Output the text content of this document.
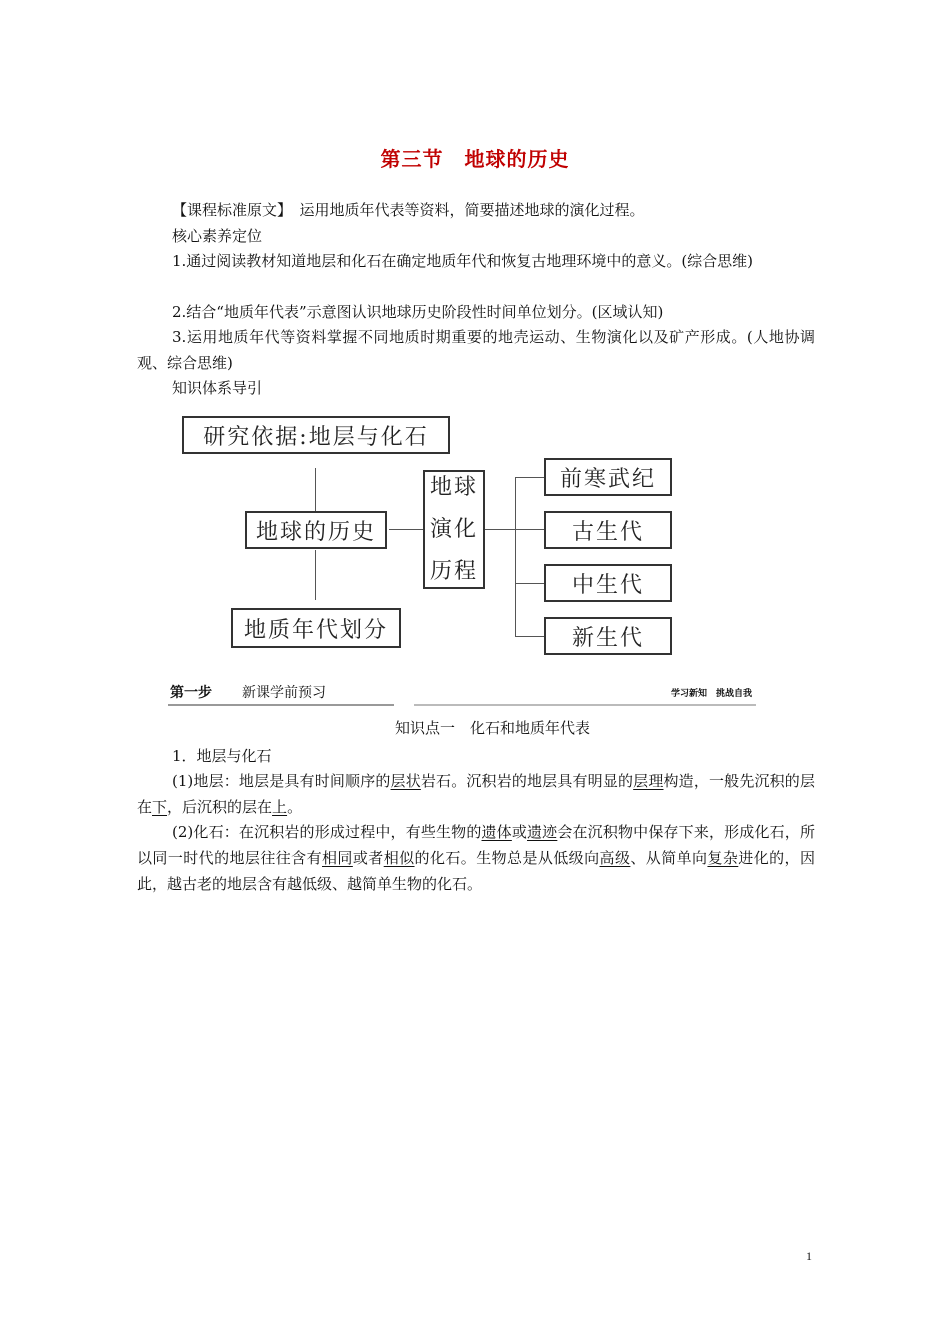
第三节　地球的历史

【课程标准原文】　运用地质年代表等资料，简要描述地球的演化过程。

核心素养定位

1.通过阅读教材知道地层和化石在确定地质年代和恢复古地理环境中的意义。(综合思维)

2.结合“地质年代表”示意图认识地球历史阶段性时间单位划分。(区域认知)

3.运用地质年代等资料掌握不同地质时期重要的地壳运动、生物演化以及矿产形成。(人地协调观、综合思维)

知识体系导引

研究依据:地层与化石
地球的历史
地质年代划分
地球
演化
历程
前寒武纪
古生代
中生代
新生代
第一步 新课学前预习	学习新知　挑战自我
知识点一　化石和地质年代表

1．地层与化石

(1)地层：地层是具有时间顺序的层状岩石。沉积岩的地层具有明显的层理构造，一般先沉积的层在下，后沉积的层在上。

(2)化石：在沉积岩的形成过程中，有些生物的遗体或遗迹会在沉积物中保存下来，形成化石，所以同一时代的地层往往含有相同或者相似的化石。生物总是从低级向高级、从简单向复杂进化的，因此，越古老的地层含有越低级、越简单生物的化石。

1
